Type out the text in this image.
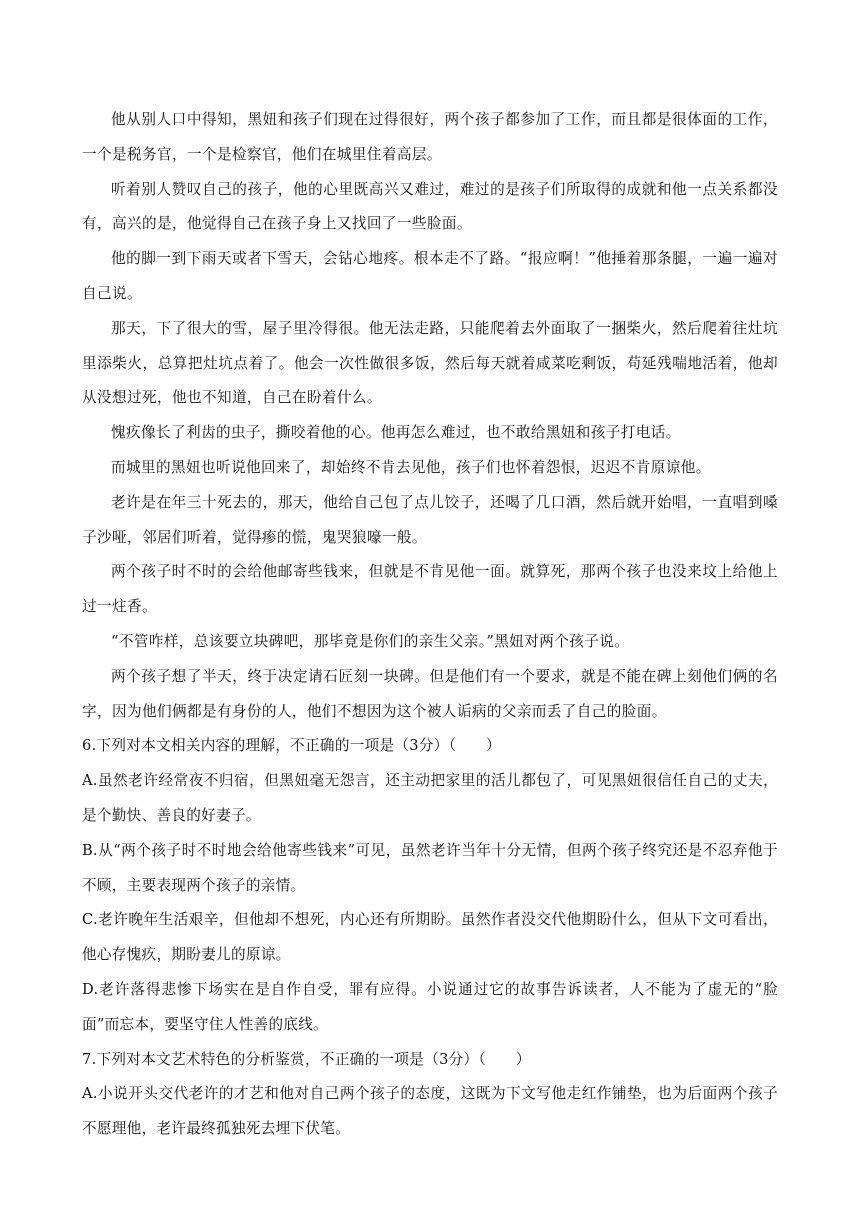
他从别人口中得知，黑妞和孩子们现在过得很好，两个孩子都参加了工作，而且都是很体面的工作，一个是税务官，一个是检察官，他们在城里住着高层。

听着别人赞叹自己的孩子，他的心里既高兴又难过，难过的是孩子们所取得的成就和他一点关系都没有，高兴的是，他觉得自己在孩子身上又找回了一些脸面。

他的脚一到下雨天或者下雪天，会钻心地疼。根本走不了路。“报应啊！”他捶着那条腿，一遍一遍对自己说。

那天，下了很大的雪，屋子里冷得很。他无法走路，只能爬着去外面取了一捆柴火，然后爬着往灶坑里添柴火，总算把灶坑点着了。他会一次性做很多饭，然后每天就着咸菜吃剩饭，苟延残喘地活着，他却从没想过死，他也不知道，自己在盼着什么。

愧疚像长了利齿的虫子，撕咬着他的心。他再怎么难过，也不敢给黑妞和孩子打电话。

而城里的黑妞也听说他回来了，却始终不肯去见他，孩子们也怀着怨恨，迟迟不肯原谅他。

老许是在年三十死去的，那天，他给自己包了点儿饺子，还喝了几口酒，然后就开始唱，一直唱到嗓子沙哑，邻居们听着，觉得瘆的慌，鬼哭狼嚎一般。

两个孩子时不时的会给他邮寄些钱来，但就是不肯见他一面。就算死，那两个孩子也没来坟上给他上过一炷香。

“不管咋样，总该要立块碑吧，那毕竟是你们的亲生父亲。”黑妞对两个孩子说。

两个孩子想了半天，终于决定请石匠刻一块碑。但是他们有一个要求，就是不能在碑上刻他们俩的名字，因为他们俩都是有身份的人，他们不想因为这个被人诟病的父亲而丢了自己的脸面。

6.下列对本文相关内容的理解，不正确的一项是（3分）（　　）

A.虽然老许经常夜不归宿，但黑妞毫无怨言，还主动把家里的活儿都包了，可见黑妞很信任自己的丈夫，是个勤快、善良的好妻子。

B.从“两个孩子时不时地会给他寄些钱来”可见，虽然老许当年十分无情，但两个孩子终究还是不忍弃他于不顾，主要表现两个孩子的亲情。

C.老许晚年生活艰辛，但他却不想死，内心还有所期盼。虽然作者没交代他期盼什么，但从下文可看出，他心存愧疚，期盼妻儿的原谅。

D.老许落得悲惨下场实在是自作自受，罪有应得。小说通过它的故事告诉读者，人不能为了虚无的“脸面”而忘本，要坚守住人性善的底线。

7.下列对本文艺术特色的分析鉴赏，不正确的一项是（3分）（　　）

A.小说开头交代老许的才艺和他对自己两个孩子的态度，这既为下文写他走红作铺垫，也为后面两个孩子不愿理他，老许最终孤独死去埋下伏笔。
